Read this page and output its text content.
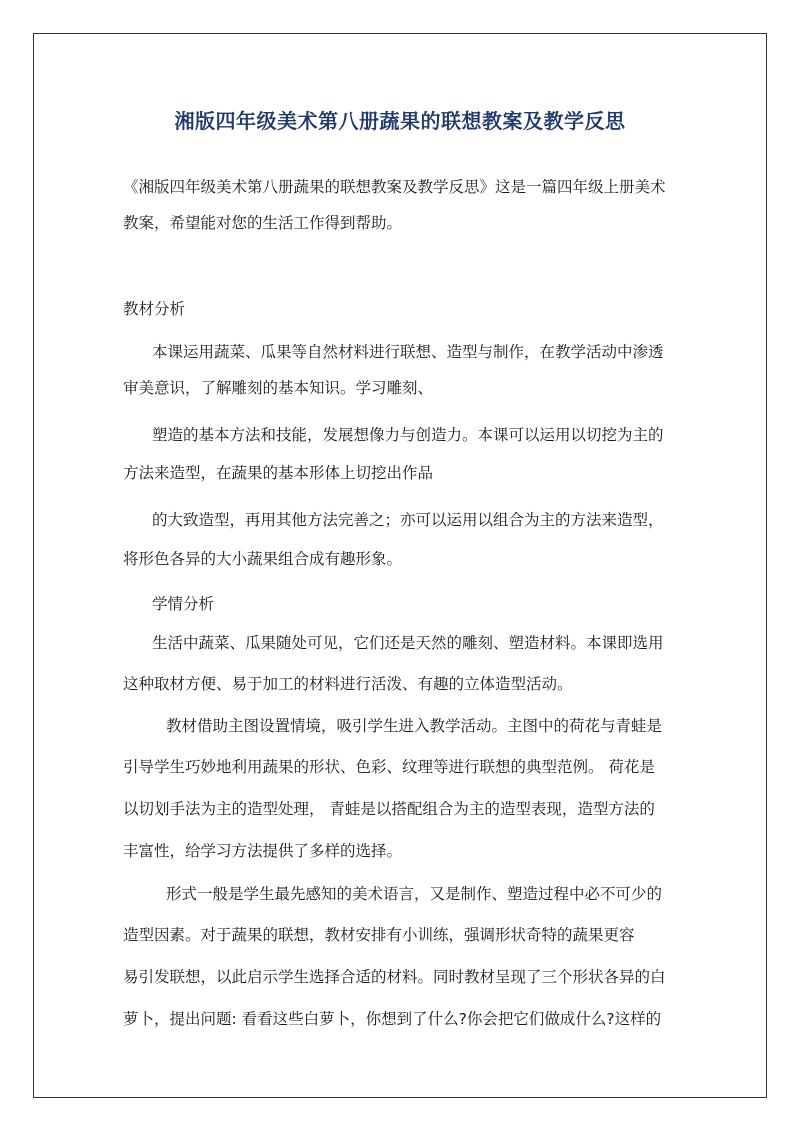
湘版四年级美术第八册蔬果的联想教案及教学反思
《湘版四年级美术第八册蔬果的联想教案及教学反思》这是一篇四年级上册美术
教案，希望能对您的生活工作得到帮助。
教材分析
本课运用蔬菜、瓜果等自然材料进行联想、造型与制作，在教学活动中渗透
审美意识，了解雕刻的基本知识。学习雕刻、
塑造的基本方法和技能，发展想像力与创造力。本课可以运用以切挖为主的
方法来造型，在蔬果的基本形体上切挖出作品
的大致造型，再用其他方法完善之；亦可以运用以组合为主的方法来造型，
将形色各异的大小蔬果组合成有趣形象。
学情分析
生活中蔬菜、瓜果随处可见，它们还是天然的雕刻、塑造材料。本课即选用
这种取材方便、易于加工的材料进行活泼、有趣的立体造型活动。
教材借助主图设置情境，吸引学生进入教学活动。主图中的荷花与青蛙是
引导学生巧妙地利用蔬果的形状、色彩、纹理等进行联想的典型范例。 荷花是
以切划手法为主的造型处理， 青蛙是以搭配组合为主的造型表现，造型方法的
丰富性，给学习方法提供了多样的选择。
形式一般是学生最先感知的美术语言，又是制作、塑造过程中必不可少的
造型因素。对于蔬果的联想，教材安排有小训练，强调形状奇特的蔬果更容
易引发联想，以此启示学生选择合适的材料。同时教材呈现了三个形状各异的白
萝卜，提出问题: 看看这些白萝卜，你想到了什么?你会把它们做成什么?这样的
